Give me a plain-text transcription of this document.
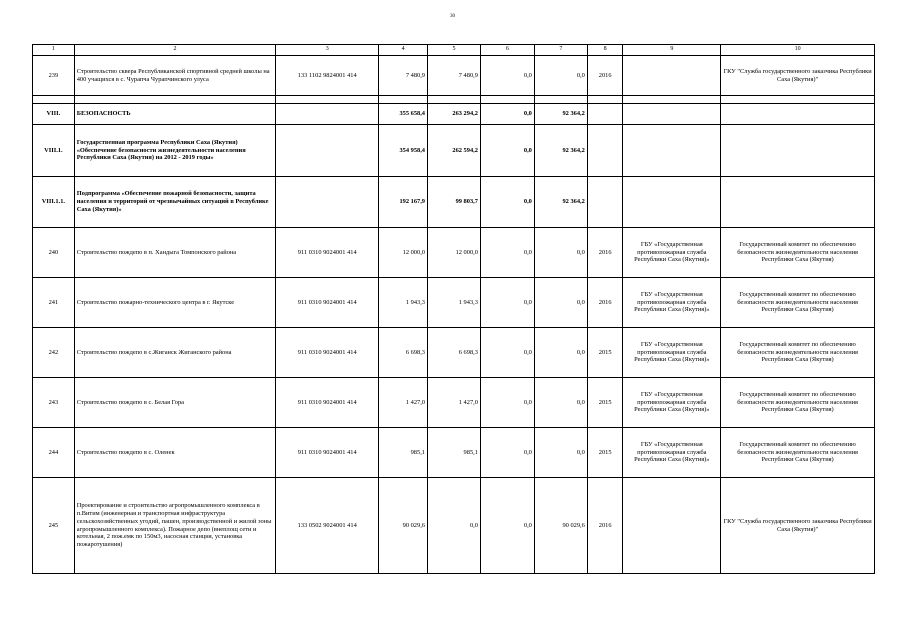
30
1	2	3	4	5	6	7	8	9	10
239	Строительство сквера Республиканской спортивной средней школы на 400 учащихся в с. Чурапча Чурапчинского улуса	133 1102 9824001 414	7 480,9	7 480,9	0,0	0,0	2016		ГКУ "Служба государственного заказчика Республики Саха (Якутия)"

VIII.	БЕЗОПАСНОСТЬ		355 658,4	263 294,2	0,0	92 364,2			
VIII.1.	Государственная программа Республики Саха (Якутия) «Обеспечение безопасности жизнедеятельности населения Республики Саха (Якутия) на 2012 - 2019 годы»		354 958,4	262 594,2	0,0	92 364,2			
VIII.1.1.	Подпрограмма «Обеспечение пожарной безопасности, защита населения и территорий от чрезвычайных ситуаций в Республике Саха (Якутия)»		192 167,9	99 803,7	0,0	92 364,2			
240	Строительство пождепо в п. Хандыга Томпонского района	911 0310 9024001 414	12 000,0	12 000,0	0,0	0,0	2016	ГБУ «Государственная противопожарная служба Республики Саха (Якутия)»	Государственный комитет по обеспечению безопасности жизнедеятельности населения Республики Саха (Якутия)
241	Строительство пожарно-технического центра в г. Якутске	911 0310 9024001 414	1 943,3	1 943,3	0,0	0,0	2016	ГБУ «Государственная противопожарная служба Республики Саха (Якутия)»	Государственный комитет по обеспечению безопасности жизнедеятельности населения Республики Саха (Якутия)
242	Строительство пождепо в с.Жиганск Жиганского района	911 0310 9024001 414	6 698,3	6 698,3	0,0	0,0	2015	ГБУ «Государственная противопожарная служба Республики Саха (Якутия)»	Государственный комитет по обеспечению безопасности жизнедеятельности населения Республики Саха (Якутия)
243	Строительство пождепо в с. Белая Гора	911 0310 9024001 414	1 427,0	1 427,0	0,0	0,0	2015	ГБУ «Государственная противопожарная служба Республики Саха (Якутия)»	Государственный комитет по обеспечению безопасности жизнедеятельности населения Республики Саха (Якутия)
244	Строительство пождепо в с. Оленек	911 0310 9024001 414	985,1	985,1	0,0	0,0	2015	ГБУ «Государственная противопожарная служба Республики Саха (Якутия)»	Государственный комитет по обеспечению безопасности жизнедеятельности населения Республики Саха (Якутия)
245	Проектирование и строительство агропромышленного комплекса в п.Витим (инженерная и транспортная инфраструктура сельскохозяйственных угодий, пашен, производственной и жилой зоны агропромышленного комплекса). Пожарное депо (внеплощ сети и котельная, 2 пож.емк по 150м3, насосная станция, установка пожаротушения)	133 0502 9024001 414	90 029,6	0,0	0,0	90 029,6	2016		ГКУ "Служба государственного заказчика Республики Саха (Якутия)"
